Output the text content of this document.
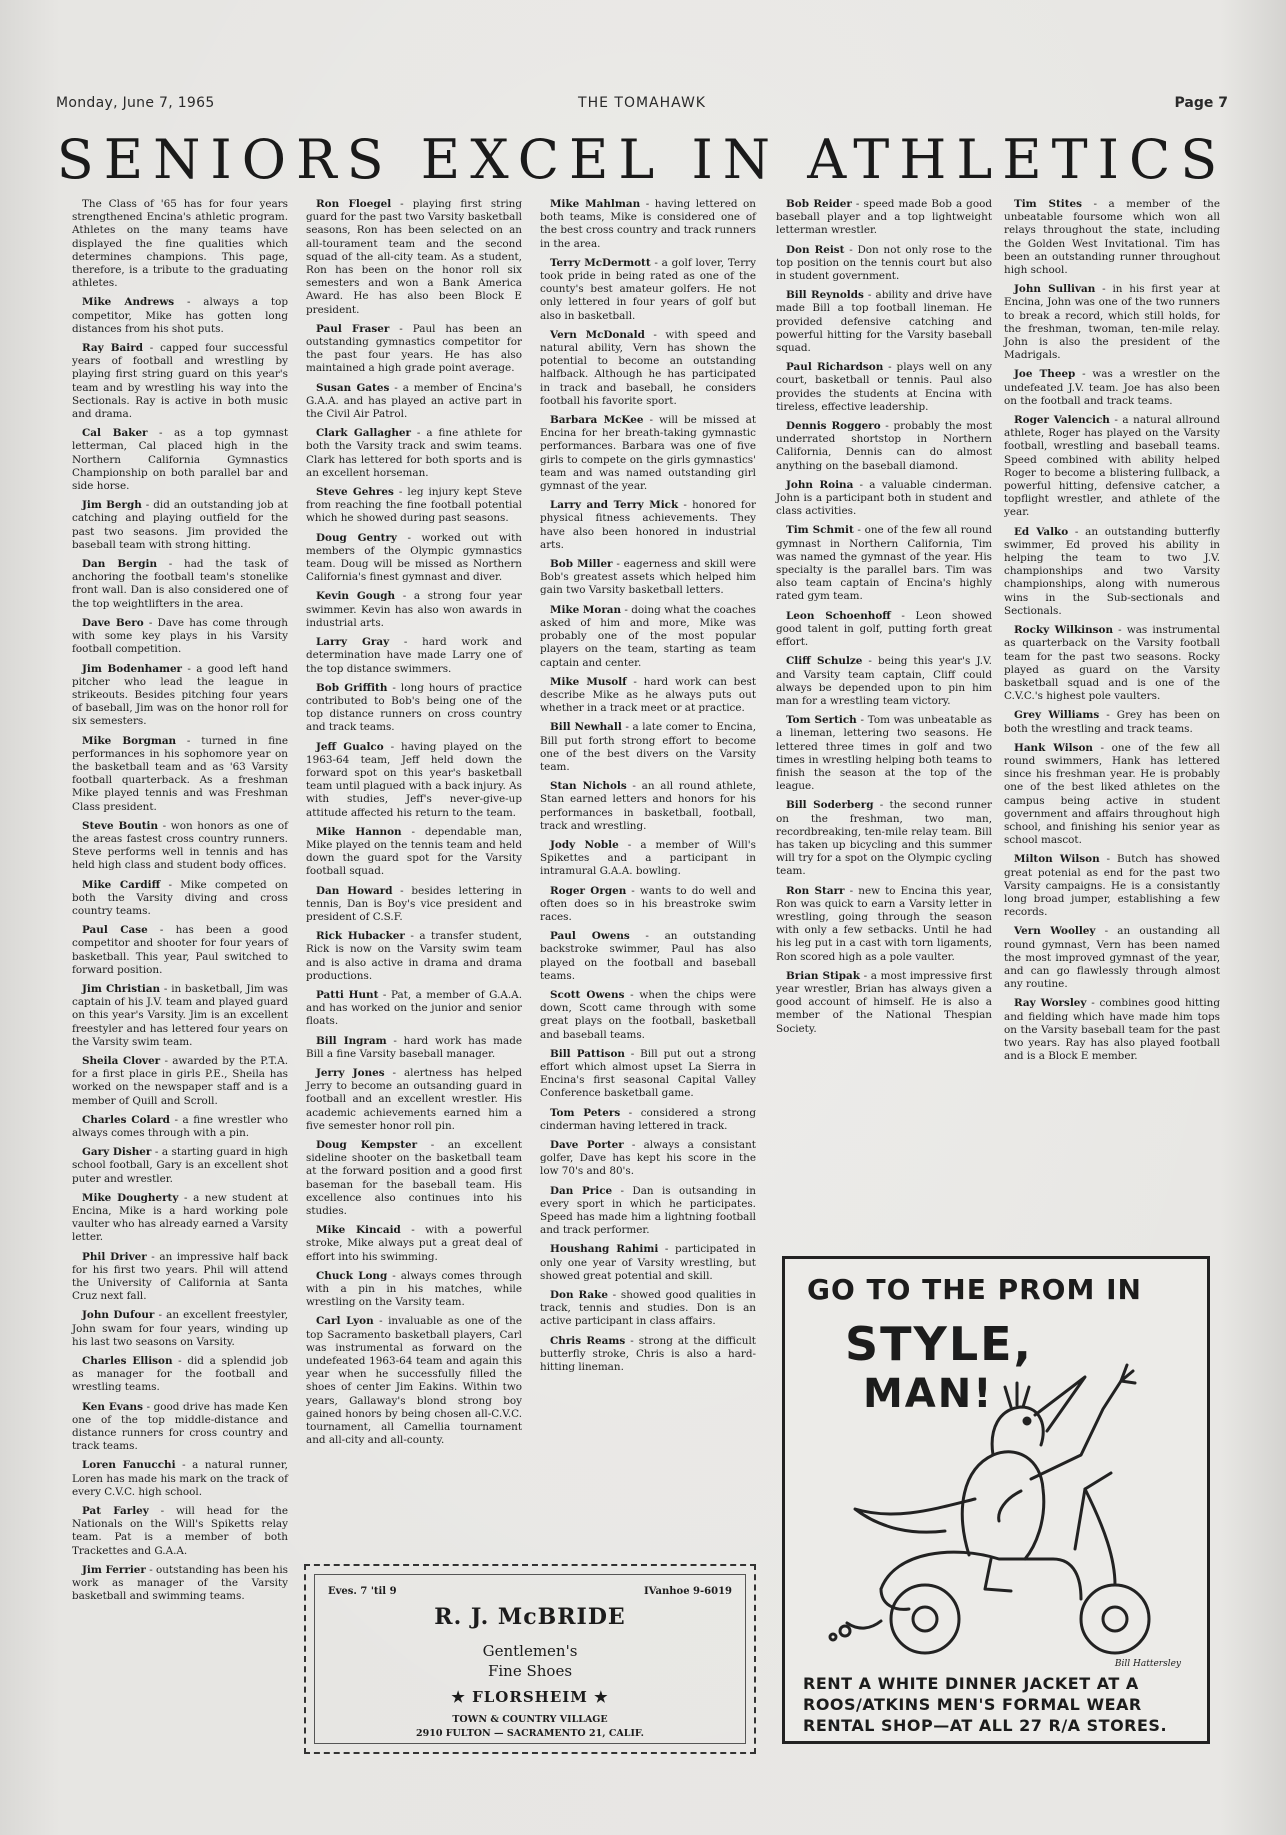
Monday, June 7, 1965	THE TOMAHAWK	Page 7
SENIORS EXCEL IN ATHLETICS

The Class of '65 has for four years strengthened Encina's athletic program. Athletes on the many teams have displayed the fine qualities which determines champions. This page, therefore, is a tribute to the graduating athletes.

Mike Andrews - always a top competitor, Mike has gotten long distances from his shot puts.

Ray Baird - capped four successful years of football and wrestling by playing first string guard on this year's team and by wrestling his way into the Sectionals. Ray is active in both music and drama.

Cal Baker - as a top gymnast letterman, Cal placed high in the Northern California Gymnastics Championship on both parallel bar and side horse.

Jim Bergh - did an outstanding job at catching and playing outfield for the past two seasons. Jim provided the baseball team with strong hitting.

Dan Bergin - had the task of anchoring the football team's stonelike front wall. Dan is also considered one of the top weightlifters in the area.

Dave Bero - Dave has come through with some key plays in his Varsity football competition.

Jim Bodenhamer - a good left hand pitcher who lead the league in strikeouts. Besides pitching four years of baseball, Jim was on the honor roll for six semesters.

Mike Borgman - turned in fine performances in his sophomore year on the basketball team and as '63 Varsity football quarterback. As a freshman Mike played tennis and was Freshman Class president.

Steve Boutin - won honors as one of the areas fastest cross country runners. Steve performs well in tennis and has held high class and student body offices.

Mike Cardiff - Mike competed on both the Varsity diving and cross country teams.

Paul Case - has been a good competitor and shooter for four years of basketball. This year, Paul switched to forward position.

Jim Christian - in basketball, Jim was captain of his J.V. team and played guard on this year's Varsity. Jim is an excellent freestyler and has lettered four years on the Varsity swim team.

Sheila Clover - awarded by the P.T.A. for a first place in girls P.E., Sheila has worked on the newspaper staff and is a member of Quill and Scroll.

Charles Colard - a fine wrestler who always comes through with a pin.

Gary Disher - a starting guard in high school football, Gary is an excellent shot puter and wrestler.

Mike Dougherty - a new student at Encina, Mike is a hard working pole vaulter who has already earned a Varsity letter.

Phil Driver - an impressive half back for his first two years. Phil will attend the University of California at Santa Cruz next fall.

John Dufour - an excellent freestyler, John swam for four years, winding up his last two seasons on Varsity.

Charles Ellison - did a splendid job as manager for the football and wrestling teams.

Ken Evans - good drive has made Ken one of the top middle-distance and distance runners for cross country and track teams.

Loren Fanucchi - a natural runner, Loren has made his mark on the track of every C.V.C. high school.

Pat Farley - will head for the Nationals on the Will's Spiketts relay team. Pat is a member of both Trackettes and G.A.A.

Jim Ferrier - outstanding has been his work as manager of the Varsity basketball and swimming teams.

Ron Floegel - playing first string guard for the past two Varsity basketball seasons, Ron has been selected on an all-tourament team and the second squad of the all-city team. As a student, Ron has been on the honor roll six semesters and won a Bank America Award. He has also been Block E president.

Paul Fraser - Paul has been an outstanding gymnastics competitor for the past four years. He has also maintained a high grade point average.

Susan Gates - a member of Encina's G.A.A. and has played an active part in the Civil Air Patrol.

Clark Gallagher - a fine athlete for both the Varsity track and swim teams. Clark has lettered for both sports and is an excellent horseman.

Steve Gehres - leg injury kept Steve from reaching the fine football potential which he showed during past seasons.

Doug Gentry - worked out with members of the Olympic gymnastics team. Doug will be missed as Northern California's finest gymnast and diver.

Kevin Gough - a strong four year swimmer. Kevin has also won awards in industrial arts.

Larry Gray - hard work and determination have made Larry one of the top distance swimmers.

Bob Griffith - long hours of practice contributed to Bob's being one of the top distance runners on cross country and track teams.

Jeff Gualco - having played on the 1963-64 team, Jeff held down the forward spot on this year's basketball team until plagued with a back injury. As with studies, Jeff's never-give-up attitude affected his return to the team.

Mike Hannon - dependable man, Mike played on the tennis team and held down the guard spot for the Varsity football squad.

Dan Howard - besides lettering in tennis, Dan is Boy's vice president and president of C.S.F.

Rick Hubacker - a transfer student, Rick is now on the Varsity swim team and is also active in drama and drama productions.

Patti Hunt - Pat, a member of G.A.A. and has worked on the junior and senior floats.

Bill Ingram - hard work has made Bill a fine Varsity baseball manager.

Jerry Jones - alertness has helped Jerry to become an outsanding guard in football and an excellent wrestler. His academic achievements earned him a five semester honor roll pin.

Doug Kempster - an excellent sideline shooter on the basketball team at the forward position and a good first baseman for the baseball team. His excellence also continues into his studies.

Mike Kincaid - with a powerful stroke, Mike always put a great deal of effort into his swimming.

Chuck Long - always comes through with a pin in his matches, while wrestling on the Varsity team.

Carl Lyon - invaluable as one of the top Sacramento basketball players, Carl was instrumental as forward on the undefeated 1963-64 team and again this year when he successfully filled the shoes of center Jim Eakins. Within two years, Gallaway's blond strong boy gained honors by being chosen all-C.V.C. tournament, all Camellia tournament and all-city and all-county.

Mike Mahlman - having lettered on both teams, Mike is considered one of the best cross country and track runners in the area.

Terry McDermott - a golf lover, Terry took pride in being rated as one of the county's best amateur golfers. He not only lettered in four years of golf but also in basketball.

Vern McDonald - with speed and natural ability, Vern has shown the potential to become an outstanding halfback. Although he has participated in track and baseball, he considers football his favorite sport.

Barbara McKee - will be missed at Encina for her breath-taking gymnastic performances. Barbara was one of five girls to compete on the girls gymnastics' team and was named outstanding girl gymnast of the year.

Larry and Terry Mick - honored for physical fitness achievements. They have also been honored in industrial arts.

Bob Miller - eagerness and skill were Bob's greatest assets which helped him gain two Varsity basketball letters.

Mike Moran - doing what the coaches asked of him and more, Mike was probably one of the most popular players on the team, starting as team captain and center.

Mike Musolf - hard work can best describe Mike as he always puts out whether in a track meet or at practice.

Bill Newhall - a late comer to Encina, Bill put forth strong effort to become one of the best divers on the Varsity team.

Stan Nichols - an all round athlete, Stan earned letters and honors for his performances in basketball, football, track and wrestling.

Jody Noble - a member of Will's Spikettes and a participant in intramural G.A.A. bowling.

Roger Orgen - wants to do well and often does so in his breastroke swim races.

Paul Owens - an outstanding backstroke swimmer, Paul has also played on the football and baseball teams.

Scott Owens - when the chips were down, Scott came through with some great plays on the football, basketball and baseball teams.

Bill Pattison - Bill put out a strong effort which almost upset La Sierra in Encina's first seasonal Capital Valley Conference basketball game.

Tom Peters - considered a strong cinderman having lettered in track.

Dave Porter - always a consistant golfer, Dave has kept his score in the low 70's and 80's.

Dan Price - Dan is outsanding in every sport in which he participates. Speed has made him a lightning football and track performer.

Houshang Rahimi - participated in only one year of Varsity wrestling, but showed great potential and skill.

Don Rake - showed good qualities in track, tennis and studies. Don is an active participant in class affairs.

Chris Reams - strong at the difficult butterfly stroke, Chris is also a hard-hitting lineman.

Bob Reider - speed made Bob a good baseball player and a top lightweight letterman wrestler.

Don Reist - Don not only rose to the top position on the tennis court but also in student government.

Bill Reynolds - ability and drive have made Bill a top football lineman. He provided defensive catching and powerful hitting for the Varsity baseball squad.

Paul Richardson - plays well on any court, basketball or tennis. Paul also provides the students at Encina with tireless, effective leadership.

Dennis Roggero - probably the most underrated shortstop in Northern California, Dennis can do almost anything on the baseball diamond.

John Roina - a valuable cinderman. John is a participant both in student and class activities.

Tim Schmit - one of the few all round gymnast in Northern California, Tim was named the gymnast of the year. His specialty is the parallel bars. Tim was also team captain of Encina's highly rated gym team.

Leon Schoenhoff - Leon showed good talent in golf, putting forth great effort.

Cliff Schulze - being this year's J.V. and Varsity team captain, Cliff could always be depended upon to pin him man for a wrestling team victory.

Tom Sertich - Tom was unbeatable as a lineman, lettering two seasons. He lettered three times in golf and two times in wrestling helping both teams to finish the season at the top of the league.

Bill Soderberg - the second runner on the freshman, two man, recordbreaking, ten-mile relay team. Bill has taken up bicycling and this summer will try for a spot on the Olympic cycling team.

Ron Starr - new to Encina this year, Ron was quick to earn a Varsity letter in wrestling, going through the season with only a few setbacks. Until he had his leg put in a cast with torn ligaments, Ron scored high as a pole vaulter.

Brian Stipak - a most impressive first year wrestler, Brian has always given a good account of himself. He is also a member of the National Thespian Society.

Tim Stites - a member of the unbeatable foursome which won all relays throughout the state, including the Golden West Invitational. Tim has been an outstanding runner throughout high school.

John Sullivan - in his first year at Encina, John was one of the two runners to break a record, which still holds, for the freshman, twoman, ten-mile relay. John is also the president of the Madrigals.

Joe Theep - was a wrestler on the undefeated J.V. team. Joe has also been on the football and track teams.

Roger Valencich - a natural allround athlete, Roger has played on the Varsity football, wrestling and baseball teams. Speed combined with ability helped Roger to become a blistering fullback, a powerful hitting, defensive catcher, a topflight wrestler, and athlete of the year.

Ed Valko - an outstanding butterfly swimmer, Ed proved his ability in helping the team to two J.V. championships and two Varsity championships, along with numerous wins in the Sub-sectionals and Sectionals.

Rocky Wilkinson - was instrumental as quarterback on the Varsity football team for the past two seasons. Rocky played as guard on the Varsity basketball squad and is one of the C.V.C.'s highest pole vaulters.

Grey Williams - Grey has been on both the wrestling and track teams.

Hank Wilson - one of the few all round swimmers, Hank has lettered since his freshman year. He is probably one of the best liked athletes on the campus being active in student government and affairs throughout high school, and finishing his senior year as school mascot.

Milton Wilson - Butch has showed great potenial as end for the past two Varsity campaigns. He is a consistantly long broad jumper, establishing a few records.

Vern Woolley - an oustanding all round gymnast, Vern has been named the most improved gymnast of the year, and can go flawlessly through almost any routine.

Ray Worsley - combines good hitting and fielding which have made him tops on the Varsity baseball team for the past two years. Ray has also played football and is a Block E member.

Eves. 7 'til 9	IVanhoe 9-6019
R. J. McBRIDE
Gentlemen's
Fine Shoes
★ FLORSHEIM ★
TOWN & COUNTRY VILLAGE
2910 FULTON — SACRAMENTO 21, CALIF.
GO TO THE PROM IN
STYLE,
MAN!
Bill Hattersley
RENT A WHITE DINNER JACKET AT A ROOS/ATKINS MEN'S FORMAL WEAR RENTAL SHOP—AT ALL 27 R/A STORES.
